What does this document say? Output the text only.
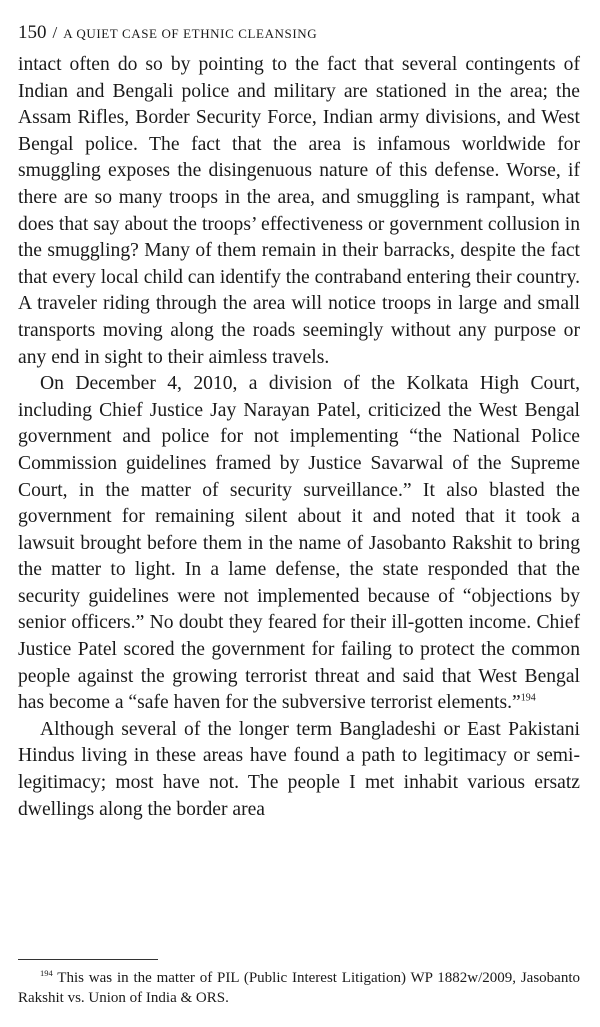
150 / A QUIET CASE OF ETHNIC CLEANSING

intact often do so by pointing to the fact that several contingents of Indian and Bengali police and military are stationed in the area; the Assam Rifles, Border Security Force, Indian army divisions, and West Bengal police. The fact that the area is infamous worldwide for smuggling exposes the disingenuous nature of this defense. Worse, if there are so many troops in the area, and smuggling is rampant, what does that say about the troops’ effectiveness or government collusion in the smuggling? Many of them remain in their barracks, despite the fact that every local child can identify the contraband entering their country. A traveler riding through the area will notice troops in large and small transports moving along the roads seemingly without any purpose or any end in sight to their aimless travels.

On December 4, 2010, a division of the Kolkata High Court, including Chief Justice Jay Narayan Patel, criticized the West Bengal government and police for not implementing “the National Police Commission guidelines framed by Justice Savarwal of the Supreme Court, in the matter of security surveillance.” It also blasted the government for remaining silent about it and noted that it took a lawsuit brought before them in the name of Jasobanto Rakshit to bring the matter to light. In a lame defense, the state responded that the security guidelines were not implemented because of “objections by senior officers.” No doubt they feared for their ill-gotten income. Chief Justice Patel scored the government for failing to protect the common people against the growing terrorist threat and said that West Bengal has become a “safe haven for the subversive terrorist elements.”$^{194}$

Although several of the longer term Bangladeshi or East Pakistani Hindus living in these areas have found a path to legitimacy or semi-legitimacy; most have not. The people I met inhabit various ersatz dwellings along the border area

$^{194}$ This was in the matter of PIL (Public Interest Litigation) WP 1882w/2009, Jasobanto Rakshit vs. Union of India & ORS.
